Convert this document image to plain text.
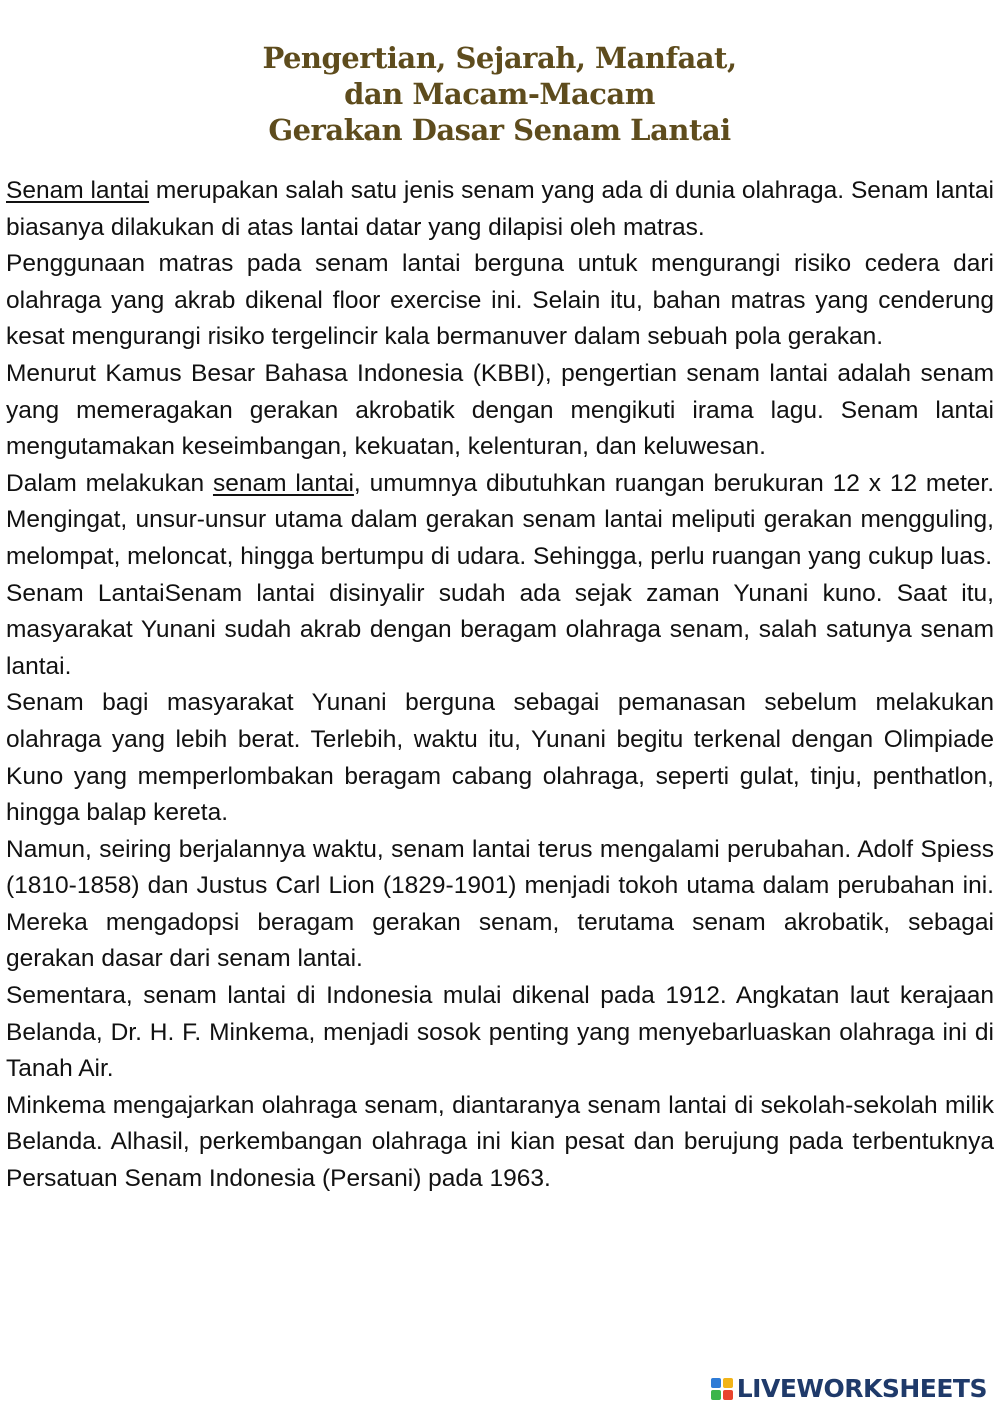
Pengertian, Sejarah, Manfaat,
dan Macam-Macam
Gerakan Dasar Senam Lantai

Senam lantai merupakan salah satu jenis senam yang ada di dunia olahraga. Senam lantai biasanya dilakukan di atas lantai datar yang dilapisi oleh matras.

Penggunaan matras pada senam lantai berguna untuk mengurangi risiko cedera dari olahraga yang akrab dikenal floor exercise ini. Selain itu, bahan matras yang cenderung kesat mengurangi risiko tergelincir kala bermanuver dalam sebuah pola gerakan.

Menurut Kamus Besar Bahasa Indonesia (KBBI), pengertian senam lantai adalah senam yang memeragakan gerakan akrobatik dengan mengikuti irama lagu. Senam lantai mengutamakan keseimbangan, kekuatan, kelenturan, dan keluwesan.

Dalam melakukan senam lantai, umumnya dibutuhkan ruangan berukuran 12 x 12 meter. Mengingat, unsur-unsur utama dalam gerakan senam lantai meliputi gerakan mengguling, melompat, meloncat, hingga bertumpu di udara. Sehingga, perlu ruangan yang cukup luas.

Senam LantaiSenam lantai disinyalir sudah ada sejak zaman Yunani kuno. Saat itu, masyarakat Yunani sudah akrab dengan beragam olahraga senam, salah satunya senam lantai.

Senam bagi masyarakat Yunani berguna sebagai pemanasan sebelum melakukan olahraga yang lebih berat. Terlebih, waktu itu, Yunani begitu terkenal dengan Olimpiade Kuno yang memperlombakan beragam cabang olahraga, seperti gulat, tinju, penthatlon, hingga balap kereta.

Namun, seiring berjalannya waktu, senam lantai terus mengalami perubahan. Adolf Spiess (1810-1858) dan Justus Carl Lion (1829-1901) menjadi tokoh utama dalam perubahan ini. Mereka mengadopsi beragam gerakan senam, terutama senam akrobatik, sebagai gerakan dasar dari senam lantai.

Sementara, senam lantai di Indonesia mulai dikenal pada 1912. Angkatan laut kerajaan Belanda, Dr. H. F. Minkema, menjadi sosok penting yang menyebarluaskan olahraga ini di Tanah Air.

Minkema mengajarkan olahraga senam, diantaranya senam lantai di sekolah-sekolah milik Belanda. Alhasil, perkembangan olahraga ini kian pesat dan berujung pada terbentuknya Persatuan Senam Indonesia (Persani) pada 1963.

LIVEWORKSHEETS
